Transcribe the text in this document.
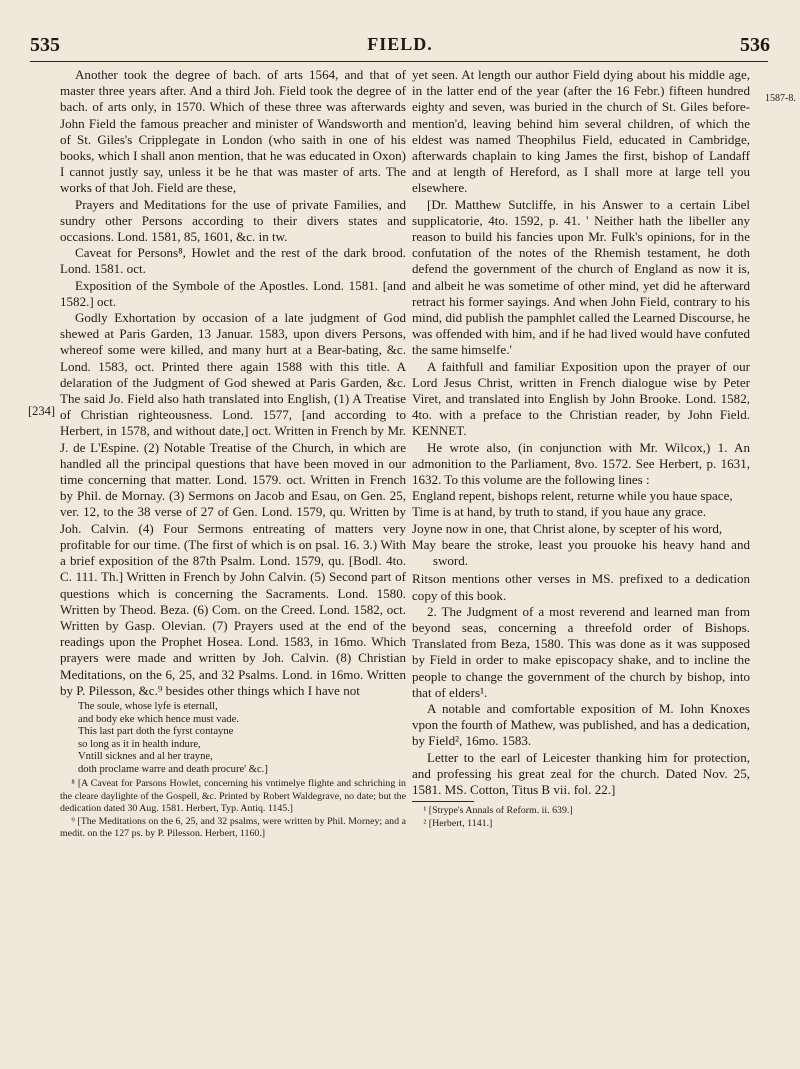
535	FIELD.	536
[234]
1587-8.

Another took the degree of bach. of arts 1564, and that of master three years after. And a third Joh. Field took the degree of bach. of arts only, in 1570. Which of these three was afterwards John Field the famous preacher and minister of Wandsworth and of St. Giles's Cripplegate in London (who saith in one of his books, which I shall anon mention, that he was educated in Oxon) I cannot justly say, unless it be he that was master of arts. The works of that Joh. Field are these,

Prayers and Meditations for the use of private Families, and sundry other Persons according to their divers states and occasions. Lond. 1581, 85, 1601, &c. in tw.

Caveat for Persons⁸, Howlet and the rest of the dark brood. Lond. 1581. oct.

Exposition of the Symbole of the Apostles. Lond. 1581. [and 1582.] oct.

Godly Exhortation by occasion of a late judgment of God shewed at Paris Garden, 13 Januar. 1583, upon divers Persons, whereof some were killed, and many hurt at a Bear-bating, &c. Lond. 1583, oct. Printed there again 1588 with this title. A delaration of the Judgment of God shewed at Paris Garden, &c. The said Jo. Field also hath translated into English, (1) A Treatise of Christian righteousness. Lond. 1577, [and according to Herbert, in 1578, and without date,] oct. Written in French by Mr. J. de L'Espine. (2) Notable Treatise of the Church, in which are handled all the principal questions that have been moved in our time concerning that matter. Lond. 1579. oct. Written in French by Phil. de Mornay. (3) Sermons on Jacob and Esau, on Gen. 25, ver. 12, to the 38 verse of 27 of Gen. Lond. 1579, qu. Written by Joh. Calvin. (4) Four Sermons entreating of matters very profitable for our time. (The first of which is on psal. 16. 3.) With a brief exposition of the 87th Psalm. Lond. 1579, qu. [Bodl. 4to. C. 111. Th.] Written in French by John Calvin. (5) Second part of questions which is concerning the Sacraments. Lond. 1580. Written by Theod. Beza. (6) Com. on the Creed. Lond. 1582, oct. Written by Gasp. Olevian. (7) Prayers used at the end of the readings upon the Prophet Hosea. Lond. 1583, in 16mo. Which prayers were made and written by Joh. Calvin. (8) Christian Meditations, on the 6, 25, and 32 Psalms. Lond. in 16mo. Written by P. Pilesson, &c.⁹ besides other things which I have not

The soule, whose lyfe is eternall,
and body eke which hence must vade.
This last part doth the fyrst contayne
so long as it in health indure,
Vntill sicknes and al her trayne,
doth proclame warre and death procure' &c.]

⁸ [A Caveat for Parsons Howlet, concerning his vntimelye flighte and schriching in the cleare daylighte of the Gospell, &c. Printed by Robert Waldegrave, no date; but the dedication dated 30 Aug. 1581. Herbert, Typ. Antiq. 1145.]

⁹ [The Meditations on the 6, 25, and 32 psalms, were written by Phil. Morney; and a medit. on the 127 ps. by P. Pilesson. Herbert, 1160.]

yet seen. At length our author Field dying about his middle age, in the latter end of the year (after the 16 Febr.) fifteen hundred eighty and seven, was buried in the church of St. Giles before-mention'd, leaving behind him several children, of which the eldest was named Theophilus Field, educated in Cambridge, afterwards chaplain to king James the first, bishop of Landaff and at length of Hereford, as I shall more at large tell you elsewhere.

[Dr. Matthew Sutcliffe, in his Answer to a certain Libel supplicatorie, 4to. 1592, p. 41. ' Neither hath the libeller any reason to build his fancies upon Mr. Fulk's opinions, for in the confutation of the notes of the Rhemish testament, he doth defend the government of the church of England as now it is, and albeit he was sometime of other mind, yet did he afterward retract his former sayings. And when John Field, contrary to his mind, did publish the pamphlet called the Learned Discourse, he was offended with him, and if he had lived would have confuted the same himselfe.'

A faithfull and familiar Exposition upon the prayer of our Lord Jesus Christ, written in French dialogue wise by Peter Viret, and translated into English by John Brooke. Lond. 1582, 4to. with a preface to the Christian reader, by John Field. KENNET.

He wrote also, (in conjunction with Mr. Wilcox,) 1. An admonition to the Parliament, 8vo. 1572. See Herbert, p. 1631, 1632. To this volume are the following lines :

England repent, bishops relent, returne while you haue space,

Time is at hand, by truth to stand, if you haue any grace.

Joyne now in one, that Christ alone, by scepter of his word,

May beare the stroke, least you prouoke his heavy hand and sword.

Ritson mentions other verses in MS. prefixed to a dedication copy of this book.

2. The Judgment of a most reverend and learned man from beyond seas, concerning a threefold order of Bishops. Translated from Beza, 1580. This was done as it was supposed by Field in order to make episcopacy shake, and to incline the people to change the government of the church by bishop, into that of elders¹.

A notable and comfortable exposition of M. Iohn Knoxes vpon the fourth of Mathew, was published, and has a dedication, by Field², 16mo. 1583.

Letter to the earl of Leicester thanking him for protection, and professing his great zeal for the church. Dated Nov. 25, 1581. MS. Cotton, Titus B vii. fol. 22.]

¹ [Strype's Annals of Reform. ii. 639.]

² [Herbert, 1141.]
